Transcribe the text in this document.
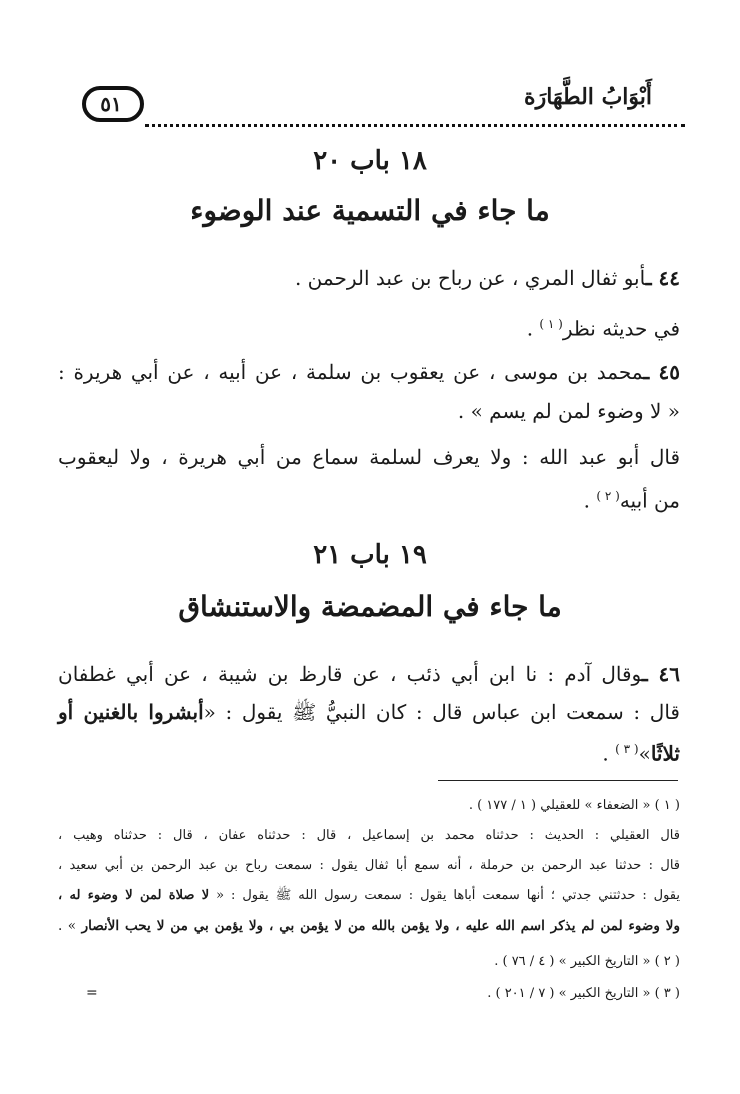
أَبْوَابُ الطَّهَارَة
٥١
١٨ باب ٢٠
ما جاء في التسمية عند الوضوء
٤٤ ـأبو ثفال المري ، عن رباح بن عبد الرحمن .
في حديثه نظر$^{( ١ )}$ .
٤٥ ـمحمد بن موسى ، عن يعقوب بن سلمة ، عن أبيه ، عن أبي هريرة :
« لا وضوء لمن لم يسم » .
قال أبو عبد الله : ولا يعرف لسلمة سماع من أبي هريرة ، ولا ليعقوب
من أبيه$^{( ٢ )}$ .
١٩ باب ٢١
ما جاء في المضمضة والاستنشاق
٤٦ ـوقال آدم : نا ابن أبي ذئب ، عن قارظ بن شيبة ، عن أبي غطفان
قال : سمعت ابن عباس قال : كان النبيُّ ﷺ يقول : «أبشروا بالغنين أو
ثلاثًا»$^{( ٣ )}$ .
( ١ ) « الضعفاء » للعقيلي ( ١ / ١٧٧ ) .
قال العقيلي : الحديث : حدثناه محمد بن إسماعيل ، قال : حدثناه عفان ، قال : حدثناه وهيب ،
قال : حدثنا عبد الرحمن بن حرملة ، أنه سمع أبا ثفال يقول : سمعت رباح بن عبد الرحمن بن أبي سعيد ،
يقول : حدثتني جدتي ؛ أنها سمعت أباها يقول : سمعت رسول الله ﷺ يقول : « لا صلاة لمن لا وضوء له ،
ولا وضوء لمن لم يذكر اسم الله عليه ، ولا يؤمن بالله من لا يؤمن بي ، ولا يؤمن بي من لا يحب الأنصار » .
( ٢ ) « التاريخ الكبير » ( ٤ / ٧٦ ) .
( ٣ ) « التاريخ الكبير » ( ٧ / ٢٠١ ) .
=
